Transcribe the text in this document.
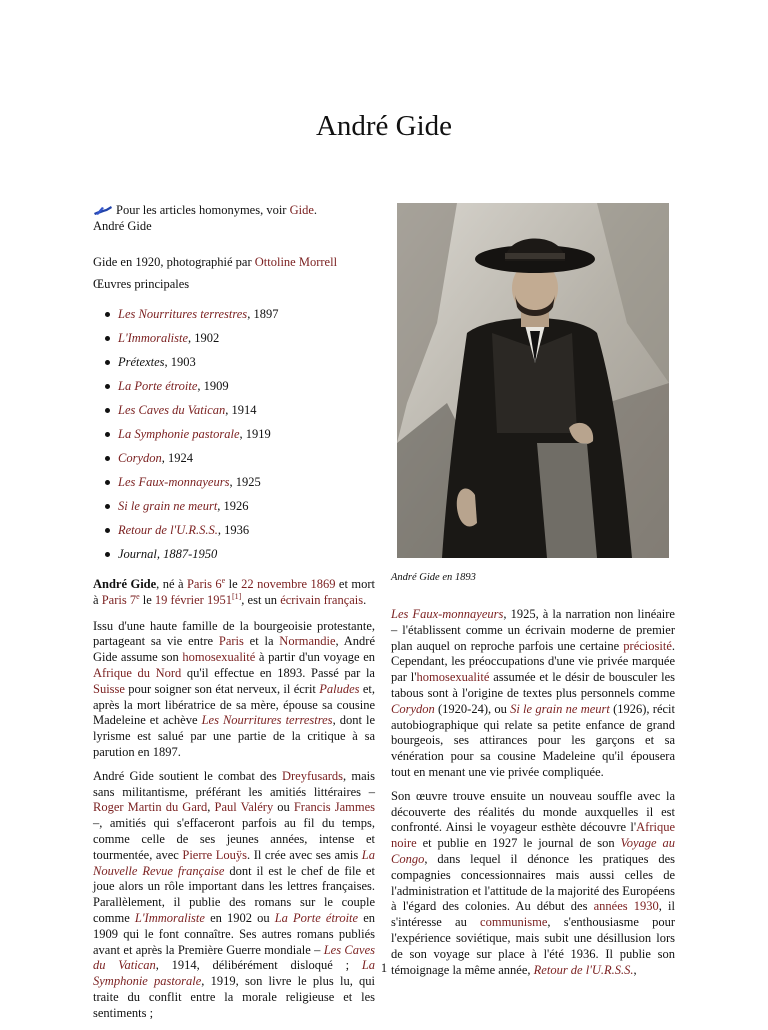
André Gide
Pour les articles homonymes, voir Gide.
André Gide
Gide en 1920, photographié par Ottoline Morrell
Œuvres principales
Les Nourritures terrestres, 1897
L'Immoraliste, 1902
Prétextes, 1903
La Porte étroite, 1909
Les Caves du Vatican, 1914
La Symphonie pastorale, 1919
Corydon, 1924
Les Faux-monnayeurs, 1925
Si le grain ne meurt, 1926
Retour de l'U.R.S.S., 1936
Journal, 1887-1950
André Gide en 1893

André Gide, né à Paris 6e le 22 novembre 1869 et mort à Paris 7e le 19 février 1951[1], est un écrivain français.

Issu d'une haute famille de la bourgeoisie protestante, partageant sa vie entre Paris et la Normandie, André Gide assume son homosexualité à partir d'un voyage en Afrique du Nord qu'il effectue en 1893. Passé par la Suisse pour soigner son état nerveux, il écrit Paludes et, après la mort libératrice de sa mère, épouse sa cousine Madeleine et achève Les Nourritures terrestres, dont le lyrisme est salué par une partie de la critique à sa parution en 1897.

André Gide soutient le combat des Dreyfusards, mais sans militantisme, préférant les amitiés littéraires – Roger Martin du Gard, Paul Valéry ou Francis Jammes –, amitiés qui s'effaceront parfois au fil du temps, comme celle de ses jeunes années, intense et tourmentée, avec Pierre Louÿs. Il crée avec ses amis La Nouvelle Revue française dont il est le chef de file et joue alors un rôle important dans les lettres françaises. Parallèlement, il publie des romans sur le couple comme L'Immoraliste en 1902 ou La Porte étroite en 1909 qui le font connaître. Ses autres romans publiés avant et après la Première Guerre mondiale – Les Caves du Vatican, 1914, délibérément disloqué ; La Symphonie pastorale, 1919, son livre le plus lu, qui traite du conflit entre la morale religieuse et les sentiments ;

Les Faux-monnayeurs, 1925, à la narration non linéaire – l'établissent comme un écrivain moderne de premier plan auquel on reproche parfois une certaine préciosité. Cependant, les préoccupations d'une vie privée marquée par l'homosexualité assumée et le désir de bousculer les tabous sont à l'origine de textes plus personnels comme Corydon (1920-24), ou Si le grain ne meurt (1926), récit autobiographique qui relate sa petite enfance de grand bourgeois, ses attirances pour les garçons et sa vénération pour sa cousine Madeleine qu'il épousera tout en menant une vie privée compliquée.

Son œuvre trouve ensuite un nouveau souffle avec la découverte des réalités du monde auxquelles il est confronté. Ainsi le voyageur esthète découvre l'Afrique noire et publie en 1927 le journal de son Voyage au Congo, dans lequel il dénonce les pratiques des compagnies concessionnaires mais aussi celles de l'administration et l'attitude de la majorité des Européens à l'égard des colonies. Au début des années 1930, il s'intéresse au communisme, s'enthousiasme pour l'expérience soviétique, mais subit une désillusion lors de son voyage sur place à l'été 1936. Il publie son témoignage la même année, Retour de l'U.R.S.S.,

1
